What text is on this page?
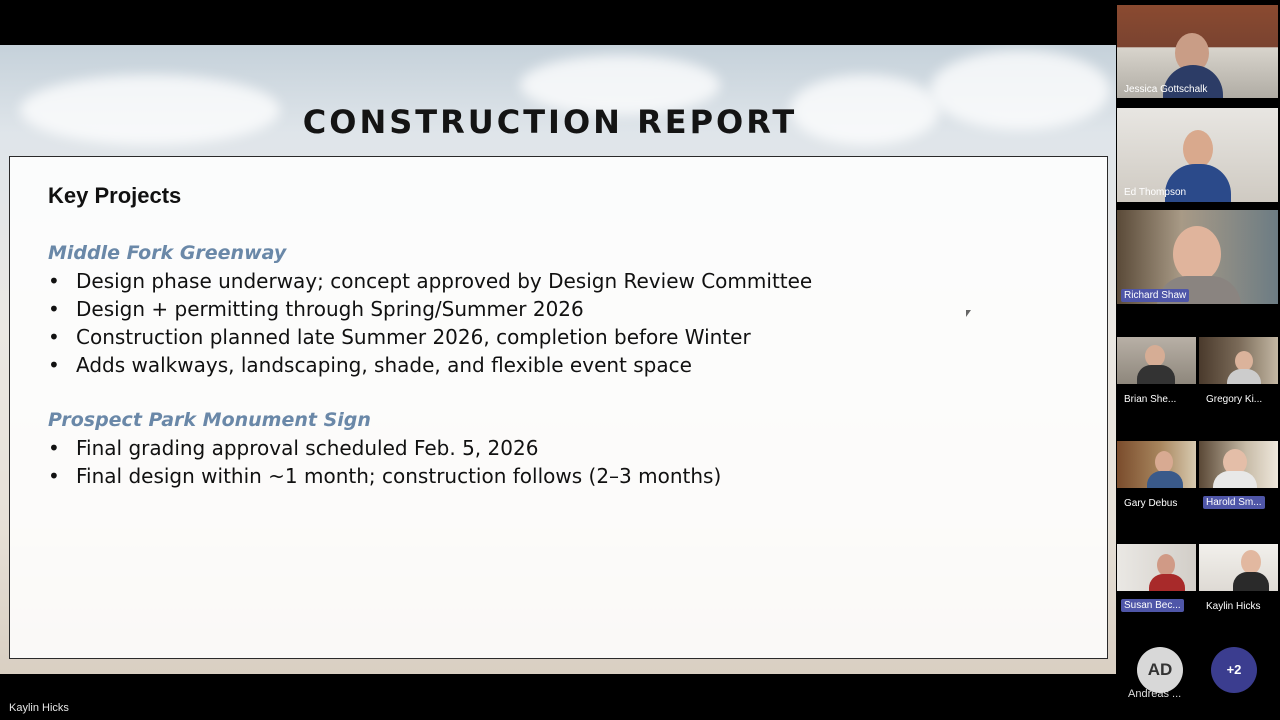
CONSTRUCTION REPORT
Key Projects
Middle Fork Greenway
• Design phase underway; concept approved by Design Review Committee
• Design + permitting through Spring/Summer 2026
• Construction planned late Summer 2026, completion before Winter
• Adds walkways, landscaping, shade, and flexible event space
Prospect Park Monument Sign
• Final grading approval scheduled Feb. 5, 2026
• Final design within ~1 month; construction follows (2–3 months)
Jessica Gottschalk
Ed Thompson
Richard Shaw
Brian She...	Gregory Ki...
Gary Debus	Harold Sm...
Susan Bec...	Kaylin Hicks
AD
Andreas ...
+2
Kaylin Hicks
